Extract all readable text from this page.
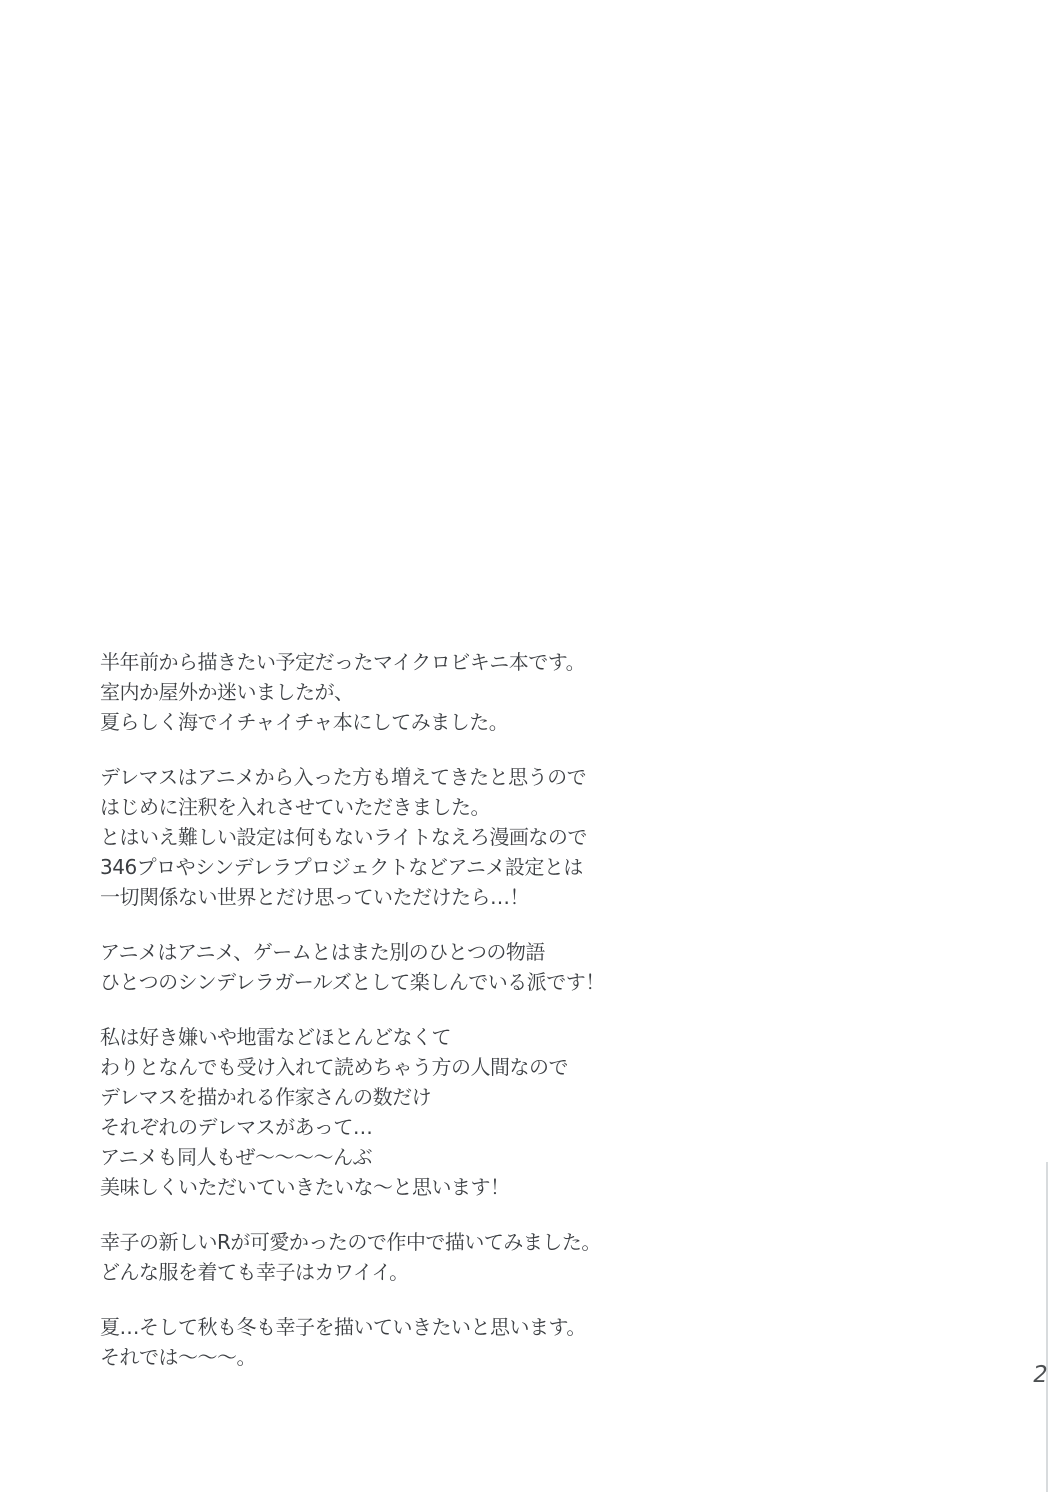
半年前から描きたい予定だったマイクロビキニ本です。
室内か屋外か迷いましたが、
夏らしく海でイチャイチャ本にしてみました。

デレマスはアニメから入った方も増えてきたと思うので
はじめに注釈を入れさせていただきました。
とはいえ難しい設定は何もないライトなえろ漫画なので
346プロやシンデレラプロジェクトなどアニメ設定とは
一切関係ない世界とだけ思っていただけたら…！

アニメはアニメ、ゲームとはまた別のひとつの物語
ひとつのシンデレラガールズとして楽しんでいる派です！

私は好き嫌いや地雷などほとんどなくて
わりとなんでも受け入れて読めちゃう方の人間なので
デレマスを描かれる作家さんの数だけ
それぞれのデレマスがあって…
アニメも同人もぜ～～～～んぶ
美味しくいただいていきたいな～と思います！

幸子の新しいRが可愛かったので作中で描いてみました。
どんな服を着ても幸子はカワイイ。

夏…そして秋も冬も幸子を描いていきたいと思います。
それでは～～～。

2
